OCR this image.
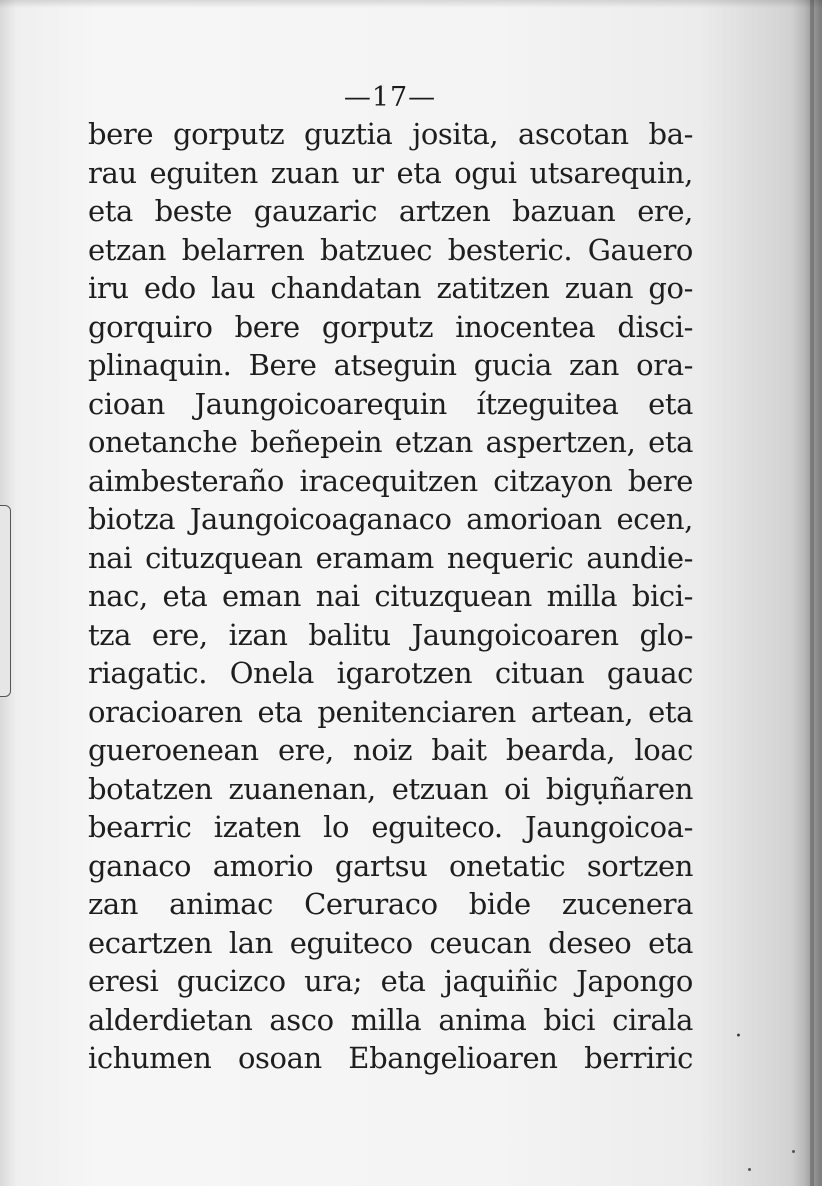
—17—
bere gorputz guztia josita, ascotan ba-
rau eguiten zuan ur eta ogui utsarequin,
eta beste gauzaric artzen bazuan ere,
etzan belarren batzuec besteric. Gauero
iru edo lau chandatan zatitzen zuan go-
gorquiro bere gorputz inocentea disci-
plinaquin. Bere atseguin gucia zan ora-
cioan Jaungoicoarequin ítzeguitea eta
onetanche beñepein etzan aspertzen, eta
aimbesteraño iracequitzen citzayon bere
biotza Jaungoicoaganaco amorioan ecen,
nai cituzquean eramam nequeric aundie-
nac, eta eman nai cituzquean milla bici-
tza ere, izan balitu Jaungoicoaren glo-
riagatic. Onela igarotzen cituan gauac
oracioaren eta penitenciaren artean, eta
gueroenean ere, noiz bait bearda, loac
botatzen zuanenan, etzuan oi bigụñaren
bearric izaten lo eguiteco. Jaungoicoa-
ganaco amorio gartsu onetatic sortzen
zan animac Ceruraco bide zucenera
ecartzen lan eguiteco ceucan deseo eta
eresi gucizco ura; eta jaquiñic Japongo
alderdietan asco milla anima bici cirala
ichumen osoan Ebangelioaren berriric
·
